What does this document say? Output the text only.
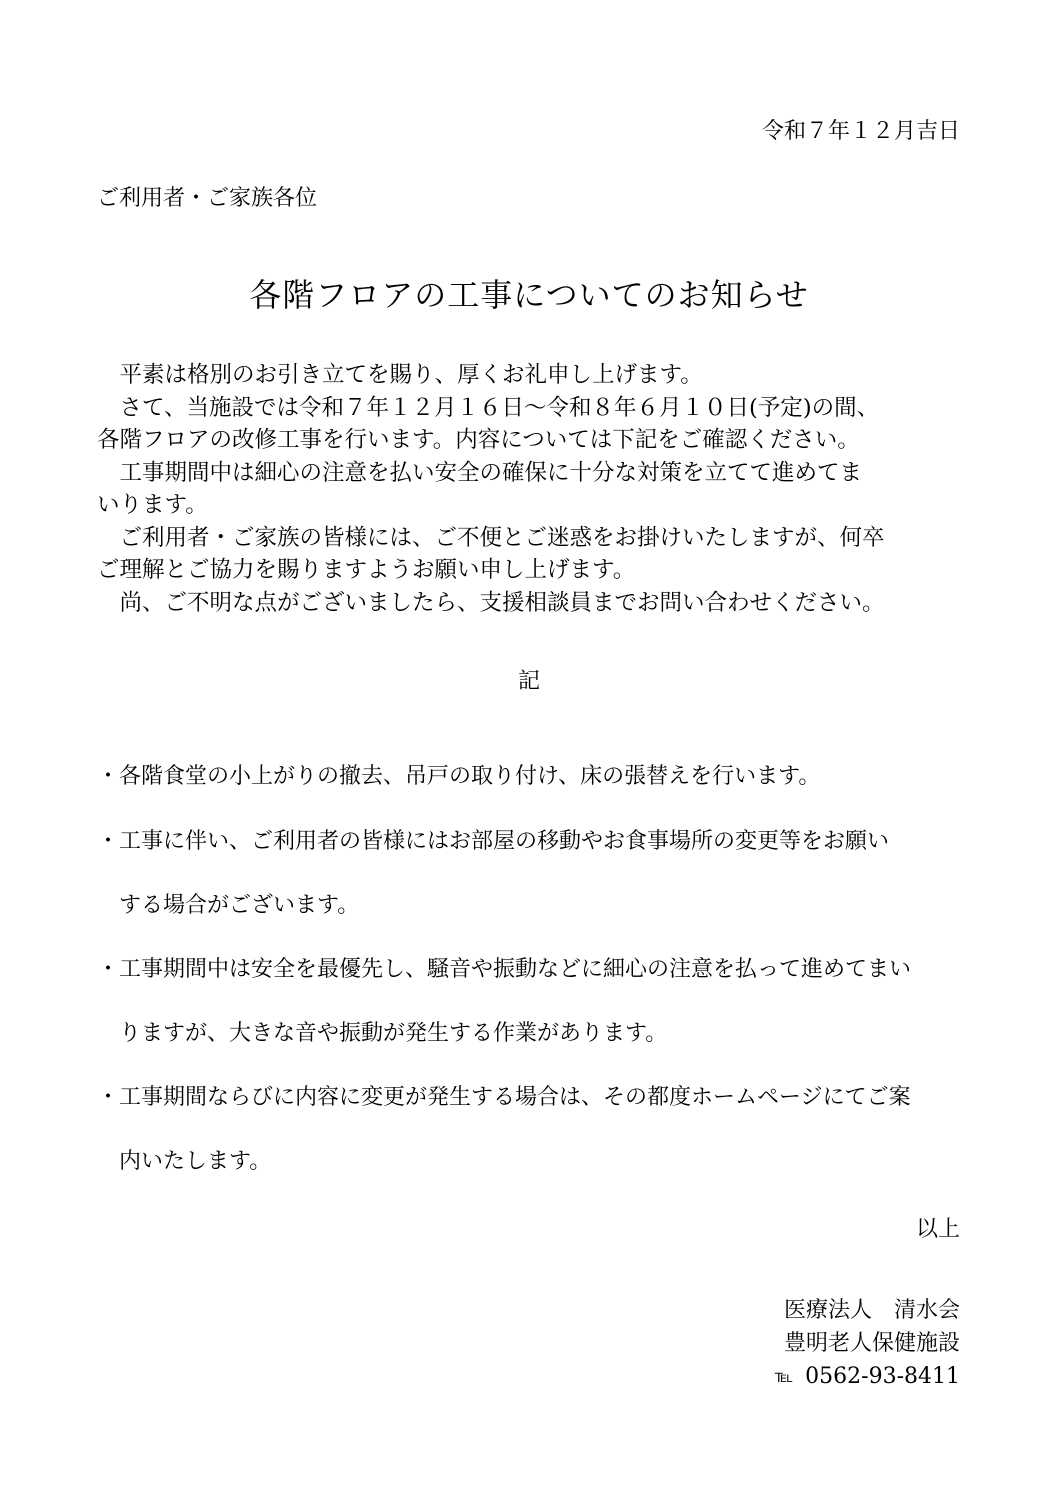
令和７年１２月吉日

ご利用者・ご家族各位

各階フロアの工事についてのお知らせ

　平素は格別のお引き立てを賜り、厚くお礼申し上げます。

　さて、当施設では令和７年１２月１６日～令和８年６月１０日(予定)の間、

各階フロアの改修工事を行います。内容については下記をご確認ください。

　工事期間中は細心の注意を払い安全の確保に十分な対策を立てて進めてま

いります。

　ご利用者・ご家族の皆様には、ご不便とご迷惑をお掛けいたしますが、何卒

ご理解とご協力を賜りますようお願い申し上げます。

　尚、ご不明な点がございましたら、支援相談員までお問い合わせください。

記

・各階食堂の小上がりの撤去、吊戸の取り付け、床の張替えを行います。

・工事に伴い、ご利用者の皆様にはお部屋の移動やお食事場所の変更等をお願い

　する場合がございます。

・工事期間中は安全を最優先し、騒音や振動などに細心の注意を払って進めてまい

　りますが、大きな音や振動が発生する作業があります。

・工事期間ならびに内容に変更が発生する場合は、その都度ホームページにてご案

　内いたします。

以上

医療法人　清水会

豊明老人保健施設

℡ 0562-93-8411
